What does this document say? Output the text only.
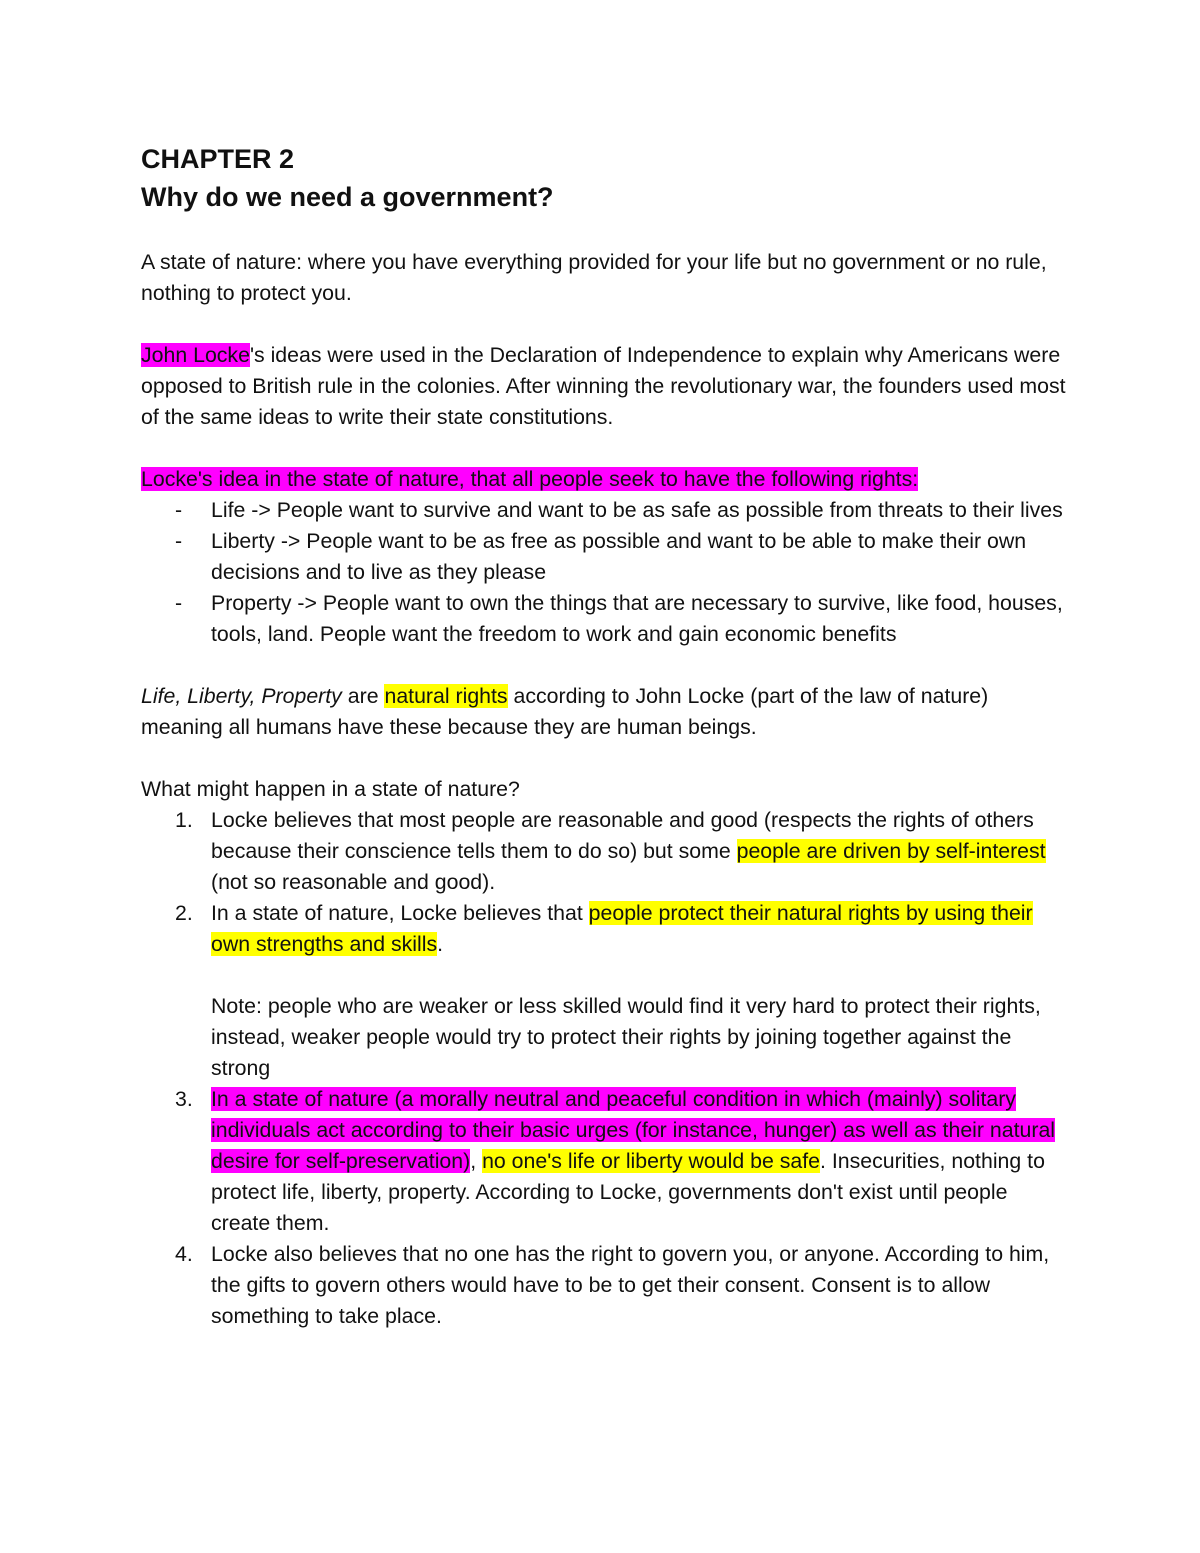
CHAPTER 2
Why do we need a government?

A state of nature: where you have everything provided for your life but no government or no rule, nothing to protect you.

John Locke's ideas were used in the Declaration of Independence to explain why Americans were opposed to British rule in the colonies. After winning the revolutionary war, the founders used most of the same ideas to write their state constitutions.

Locke's idea in the state of nature, that all people seek to have the following rights:

- Life -> People want to survive and want to be as safe as possible from threats to their lives
- Liberty -> People want to be as free as possible and want to be able to make their own decisions and to live as they please
- Property -> People want to own the things that are necessary to survive, like food, houses, tools, land. People want the freedom to work and gain economic benefits

Life, Liberty, Property are natural rights according to John Locke (part of the law of nature) meaning all humans have these because they are human beings.

What might happen in a state of nature?

1. Locke believes that most people are reasonable and good (respects the rights of others because their conscience tells them to do so) but some people are driven by self-interest (not so reasonable and good).
2. In a state of nature, Locke believes that people protect their natural rights by using their own strengths and skills.

Note: people who are weaker or less skilled would find it very hard to protect their rights, instead, weaker people would try to protect their rights by joining together against the strong

3. In a state of nature (a morally neutral and peaceful condition in which (mainly) solitary individuals act according to their basic urges (for instance, hunger) as well as their natural desire for self-preservation), no one's life or liberty would be safe. Insecurities, nothing to protect life, liberty, property. According to Locke, governments don't exist until people create them.
4. Locke also believes that no one has the right to govern you, or anyone. According to him, the gifts to govern others would have to be to get their consent. Consent is to allow something to take place.
